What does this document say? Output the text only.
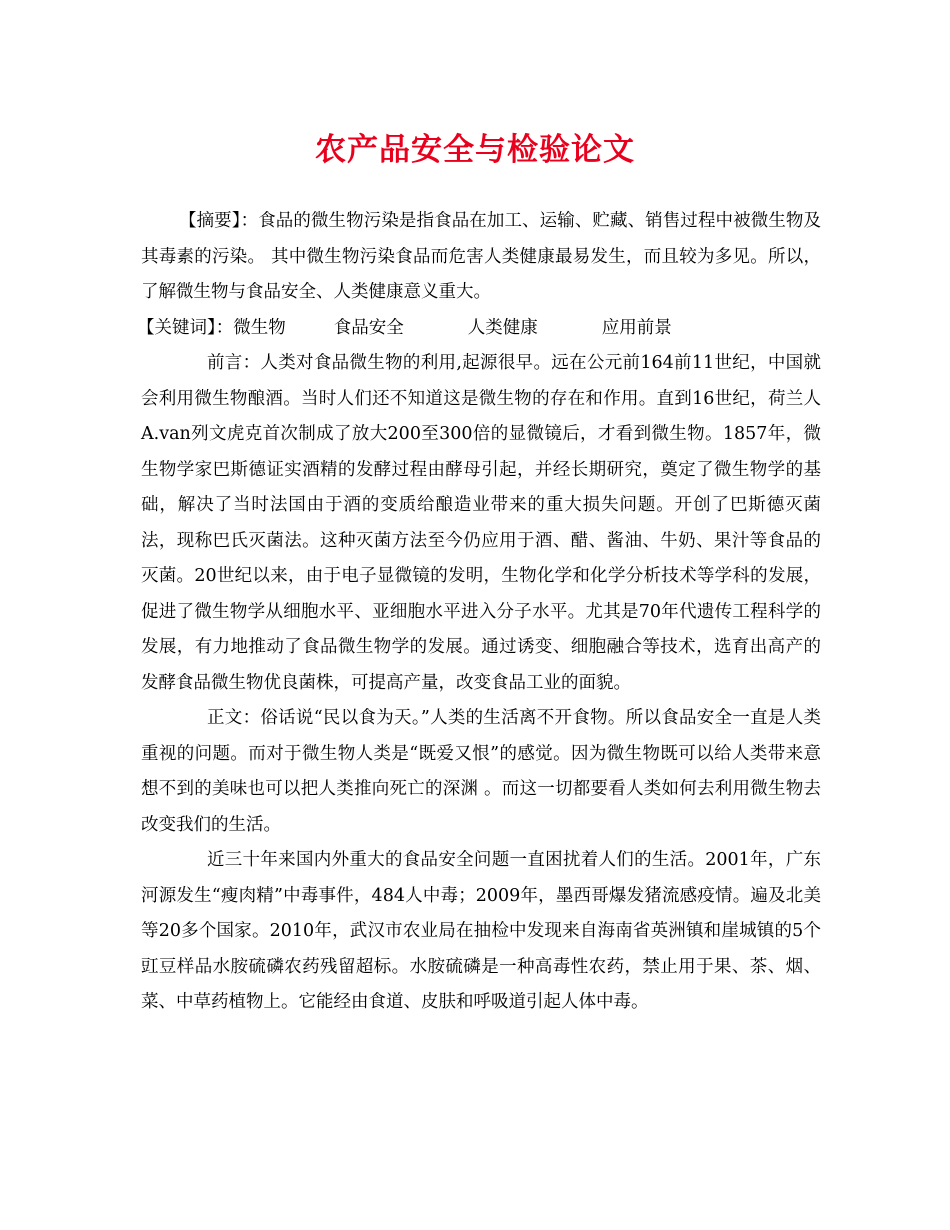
农产品安全与检验论文

【摘要】：食品的微生物污染是指食品在加工、运输、贮藏、销售过程中被微生物及其毒素的污染。 其中微生物污染食品而危害人类健康最易发生，而且较为多见。所以，了解微生物与食品安全、人类健康意义重大。

【关键词】：微生物	食品安全	人类健康	应用前景

前言：人类对食品微生物的利用,起源很早。远在公元前164前11世纪，中国就会利用微生物酿酒。当时人们还不知道这是微生物的存在和作用。直到16世纪，荷兰人A.van列文虎克首次制成了放大200至300倍的显微镜后，才看到微生物。1857年，微生物学家巴斯德证实酒精的发酵过程由酵母引起，并经长期研究，奠定了微生物学的基础，解决了当时法国由于酒的变质给酿造业带来的重大损失问题。开创了巴斯德灭菌法，现称巴氏灭菌法。这种灭菌方法至今仍应用于酒、醋、酱油、牛奶、果汁等食品的灭菌。20世纪以来，由于电子显微镜的发明，生物化学和化学分析技术等学科的发展，促进了微生物学从细胞水平、亚细胞水平进入分子水平。尤其是70年代遗传工程科学的发展，有力地推动了食品微生物学的发展。通过诱变、细胞融合等技术，选育出高产的发酵食品微生物优良菌株，可提高产量，改变食品工业的面貌。

正文：俗话说“民以食为天。”人类的生活离不开食物。所以食品安全一直是人类重视的问题。而对于微生物人类是“既爱又恨”的感觉。因为微生物既可以给人类带来意想不到的美味也可以把人类推向死亡的深渊 。而这一切都要看人类如何去利用微生物去改变我们的生活。

近三十年来国内外重大的食品安全问题一直困扰着人们的生活。2001年，广东河源发生“瘦肉精”中毒事件，484人中毒；2009年，墨西哥爆发猪流感疫情。遍及北美等20多个国家。2010年，武汉市农业局在抽检中发现来自海南省英洲镇和崖城镇的5个豇豆样品水胺硫磷农药残留超标。水胺硫磷是一种高毒性农药，禁止用于果、茶、烟、菜、中草药植物上。它能经由食道、皮肤和呼吸道引起人体中毒。
